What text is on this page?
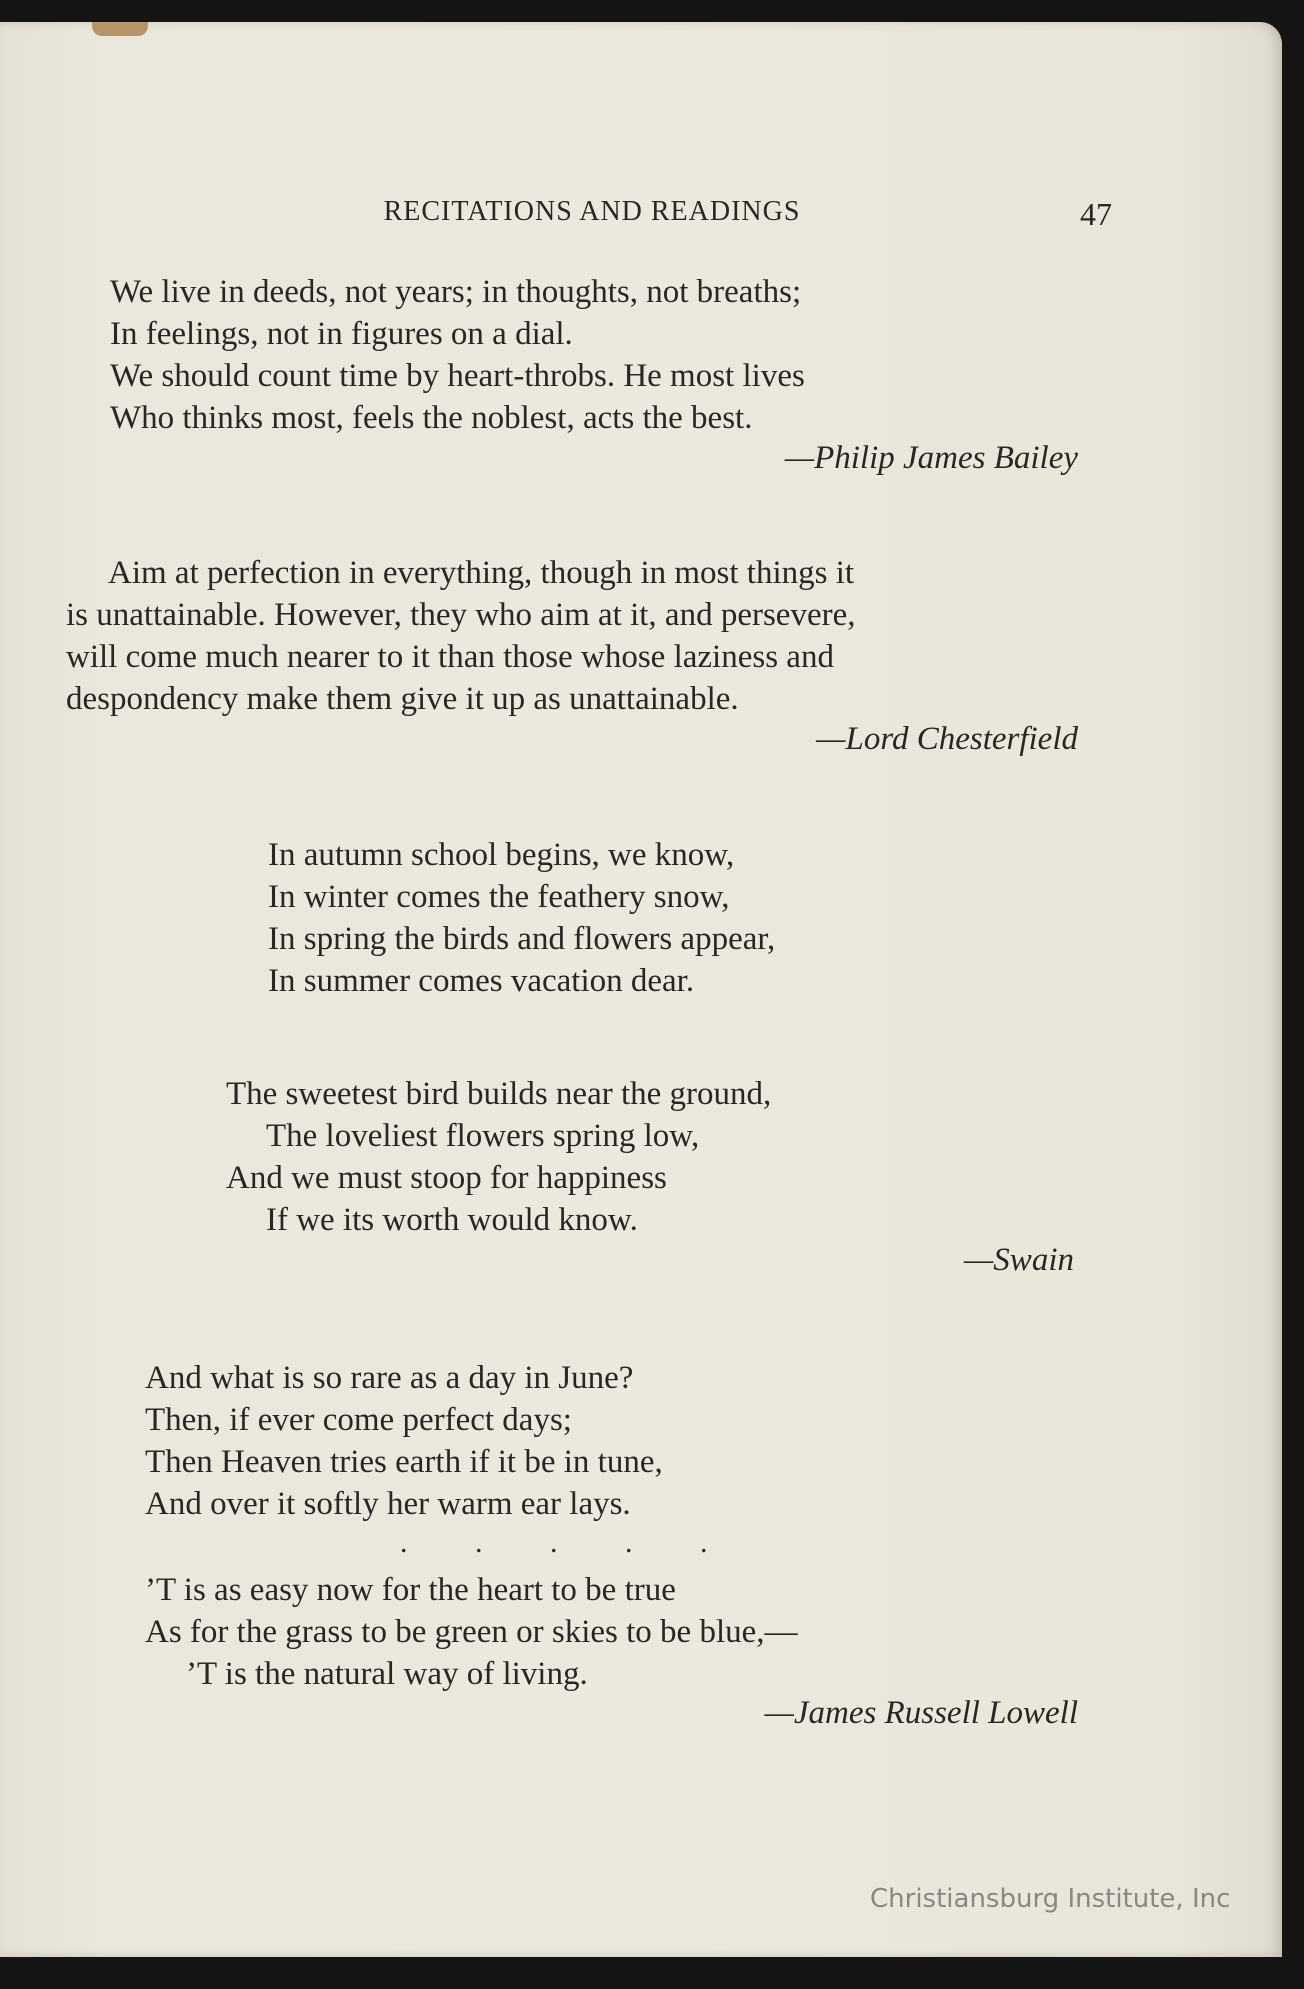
RECITATIONS AND READINGS	47
We live in deeds, not years; in thoughts, not breaths;
In feelings, not in figures on a dial.
We should count time by heart-throbs. He most lives
Who thinks most, feels the noblest, acts the best.
—Philip James Bailey
Aim at perfection in everything, though in most things it
is unattainable. However, they who aim at it, and persevere,
will come much nearer to it than those whose laziness and
despondency make them give it up as unattainable.
—Lord Chesterfield
In autumn school begins, we know,
In winter comes the feathery snow,
In spring the birds and flowers appear,
In summer comes vacation dear.
The sweetest bird builds near the ground,
The loveliest flowers spring low,
And we must stoop for happiness
If we its worth would know.
—Swain
And what is so rare as a day in June?
Then, if ever come perfect days;
Then Heaven tries earth if it be in tune,
And over it softly her warm ear lays.
. . . . .
’T is as easy now for the heart to be true
As for the grass to be green or skies to be blue,—
’T is the natural way of living.
—James Russell Lowell
Christiansburg Institute, Inc
